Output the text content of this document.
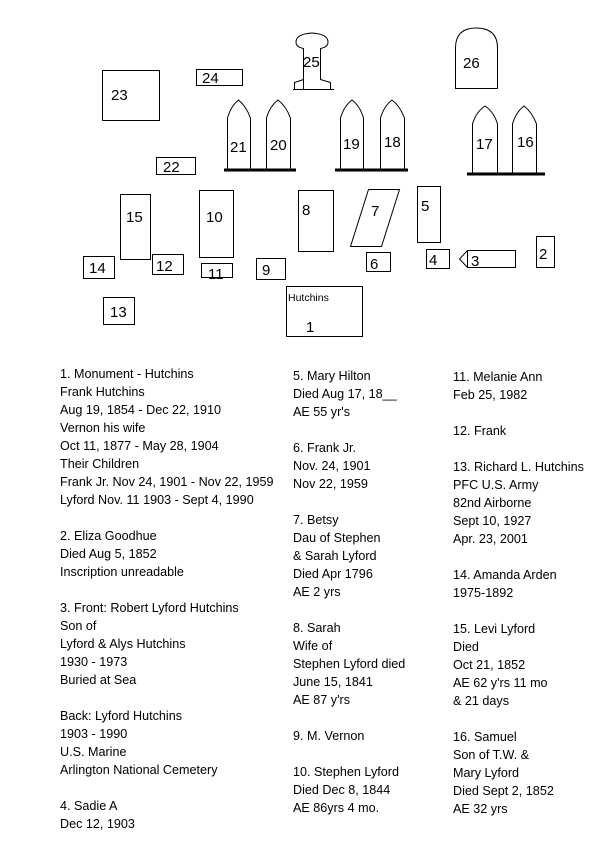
23
24
25	26
21 20	19 18	17 16
22
15	10	8	7	5
2
3
4
6
14	12 11	9
13
Hutchins
1
1. Monument - Hutchins
Frank Hutchins
Aug 19, 1854 - Dec 22, 1910
Vernon his wife
Oct 11, 1877 - May 28, 1904
Their Children
Frank Jr. Nov 24, 1901 - Nov 22, 1959
Lyford Nov. 11 1903 - Sept 4, 1990
2. Eliza Goodhue
Died Aug 5, 1852
Inscription unreadable
3. Front: Robert Lyford Hutchins
Son of
Lyford & Alys Hutchins
1930 - 1973
Buried at Sea
Back: Lyford Hutchins
1903 - 1990
U.S. Marine
Arlington National Cemetery
4. Sadie A
Dec 12, 1903
5. Mary Hilton
Died Aug 17, 18__
AE 55 yr's
6. Frank Jr.
Nov. 24, 1901
Nov 22, 1959
7. Betsy
Dau of Stephen
& Sarah Lyford
Died Apr 1796
AE 2 yrs
8. Sarah
Wife of
Stephen Lyford died
June 15, 1841
AE 87 y'rs
9. M. Vernon
10. Stephen Lyford
Died Dec 8, 1844
AE 86yrs 4 mo.
11. Melanie Ann
Feb 25, 1982
12. Frank
13. Richard L. Hutchins
PFC U.S. Army
82nd Airborne
Sept 10, 1927
Apr. 23, 2001
14. Amanda Arden
1975-1892
15. Levi Lyford
Died
Oct 21, 1852
AE 62 y'rs 11 mo
& 21 days
16. Samuel
Son of T.W. &
Mary Lyford
Died Sept 2, 1852
AE 32 yrs
